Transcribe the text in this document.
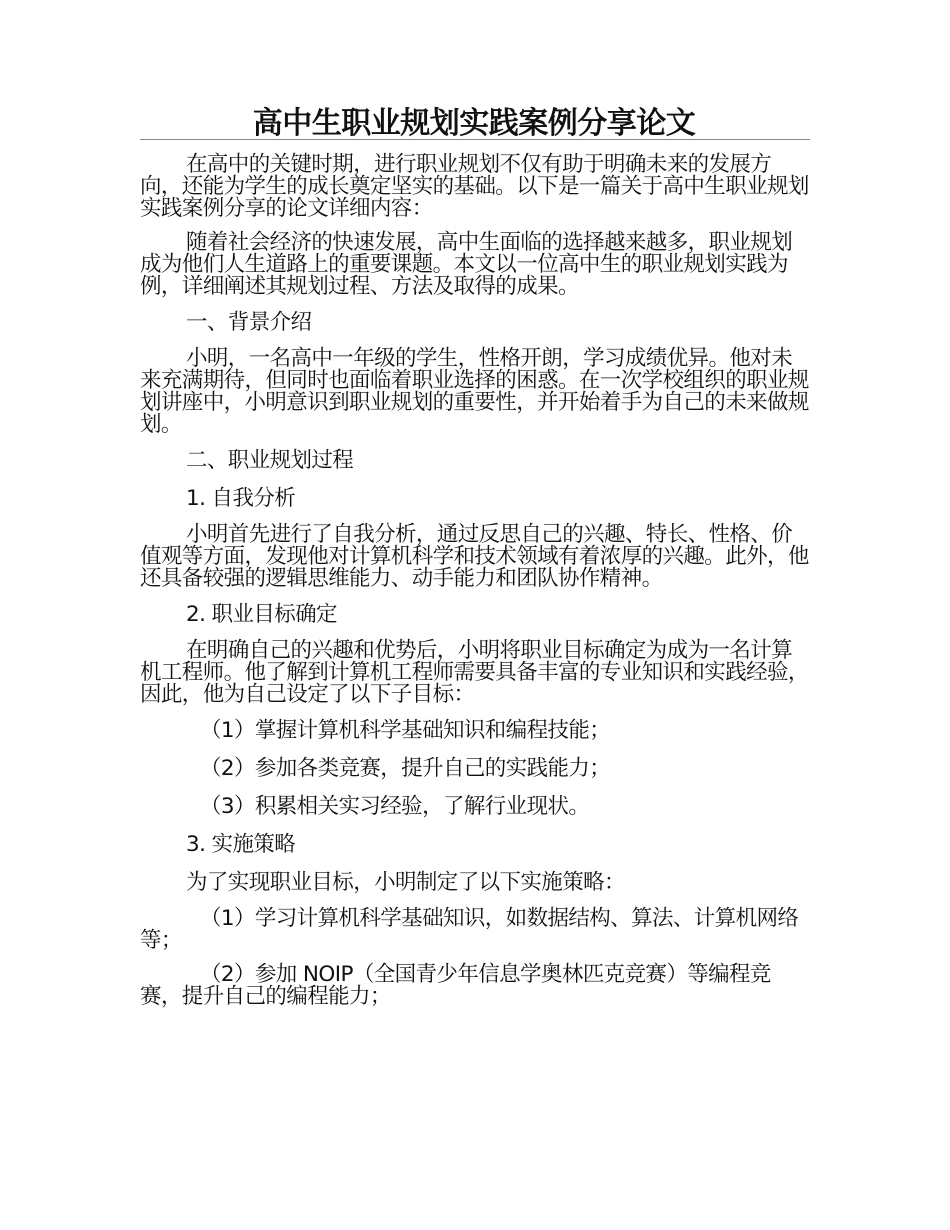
高中生职业规划实践案例分享论文

在高中的关键时期，进行职业规划不仅有助于明确未来的发展方向，还能为学生的成长奠定坚实的基础。以下是一篇关于高中生职业规划实践案例分享的论文详细内容：

随着社会经济的快速发展，高中生面临的选择越来越多，职业规划成为他们人生道路上的重要课题。本文以一位高中生的职业规划实践为例，详细阐述其规划过程、方法及取得的成果。

一、背景介绍

小明，一名高中一年级的学生，性格开朗，学习成绩优异。他对未来充满期待，但同时也面临着职业选择的困惑。在一次学校组织的职业规划讲座中，小明意识到职业规划的重要性，并开始着手为自己的未来做规划。

二、职业规划过程

1. 自我分析

小明首先进行了自我分析，通过反思自己的兴趣、特长、性格、价值观等方面，发现他对计算机科学和技术领域有着浓厚的兴趣。此外，他还具备较强的逻辑思维能力、动手能力和团队协作精神。

2. 职业目标确定

在明确自己的兴趣和优势后，小明将职业目标确定为成为一名计算机工程师。他了解到计算机工程师需要具备丰富的专业知识和实践经验，因此，他为自己设定了以下子目标：

（1）掌握计算机科学基础知识和编程技能；

（2）参加各类竞赛，提升自己的实践能力；

（3）积累相关实习经验，了解行业现状。

3. 实施策略

为了实现职业目标，小明制定了以下实施策略：

（1）学习计算机科学基础知识，如数据结构、算法、计算机网络等；

（2）参加 NOIP（全国青少年信息学奥林匹克竞赛）等编程竞赛，提升自己的编程能力；
